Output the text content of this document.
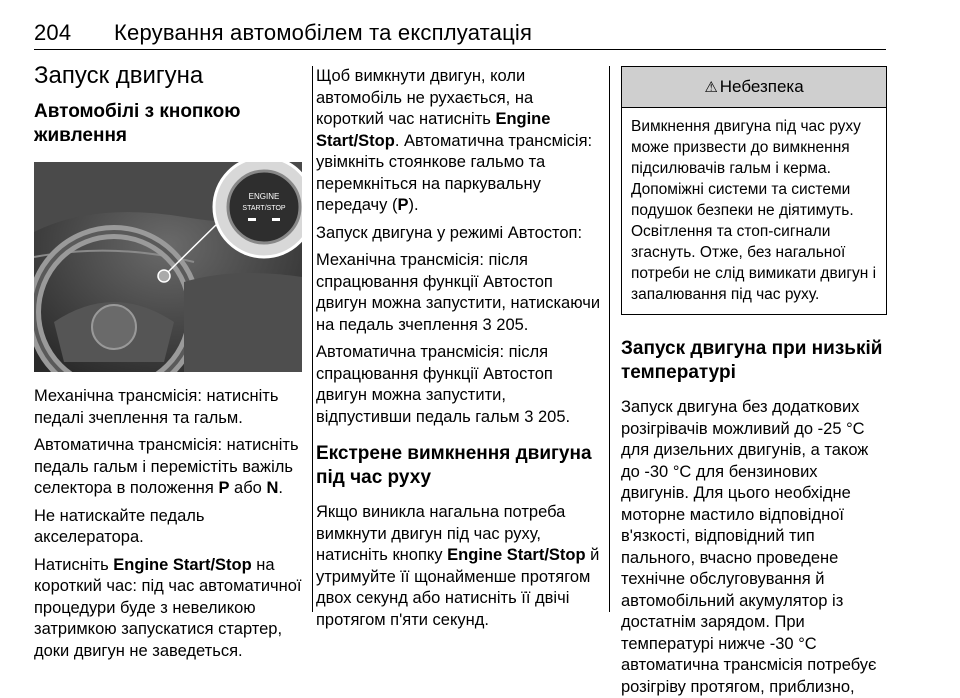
204 Керування автомобілем та експлуатація
Запуск двигуна
Автомобілі з кнопкою живлення
ENGINE
START/STOP

Механічна трансмісія: натисніть педалі зчеплення та гальм.

Автоматична трансмісія: натисніть педаль гальм і перемістіть важіль селектора в положення P або N.

Не натискайте педаль акселератора.

Натисніть Engine Start/Stop на короткий час: під час автоматичної процедури буде з невеликою затримкою запускатися стартер, доки двигун не заведеться.

Щоб вимкнути двигун, коли автомобіль не рухається, на короткий час натисніть Engine Start/Stop. Автоматична трансмісія: увімкніть стоянкове гальмо та перемкніться на паркувальну передачу (P).

Запуск двигуна у режимі Автостоп:

Механічна трансмісія: після спрацювання функції Автостоп двигун можна запустити, натискаючи на педаль зчеплення 3 205.

Автоматична трансмісія: після спрацювання функції Автостоп двигун можна запустити, відпустивши педаль гальм 3 205.

Екстрене вимкнення двигуна під час руху

Якщо виникла нагальна потреба вимкнути двигун під час руху, натисніть кнопку Engine Start/Stop й утримуйте її щонайменше протягом двох секунд або натисніть її двічі протягом п'яти секунд.

⚠ Небезпека
Вимкнення двигуна під час руху може призвести до вимкнення підсилювачів гальм і керма. Допоміжні системи та системи подушок безпеки не діятимуть. Освітлення та стоп-сигнали згаснуть. Отже, без нагальної потреби не слід вимикати двигун і запалювання під час руху.
Запуск двигуна при низькій температурі

Запуск двигуна без додаткових розігрівачів можливий до -25 °C для дизельних двигунів, а також до -30 °C для бензинових двигунів. Для цього необхідне моторне мастило відповідної в'язкості, відповідний тип пального, вчасно проведене технічне обслуговування й автомобільний акумулятор із достатнім зарядом. При температурі нижче -30 °C автоматична трансмісія потребує розігріву протягом, приблизно,
